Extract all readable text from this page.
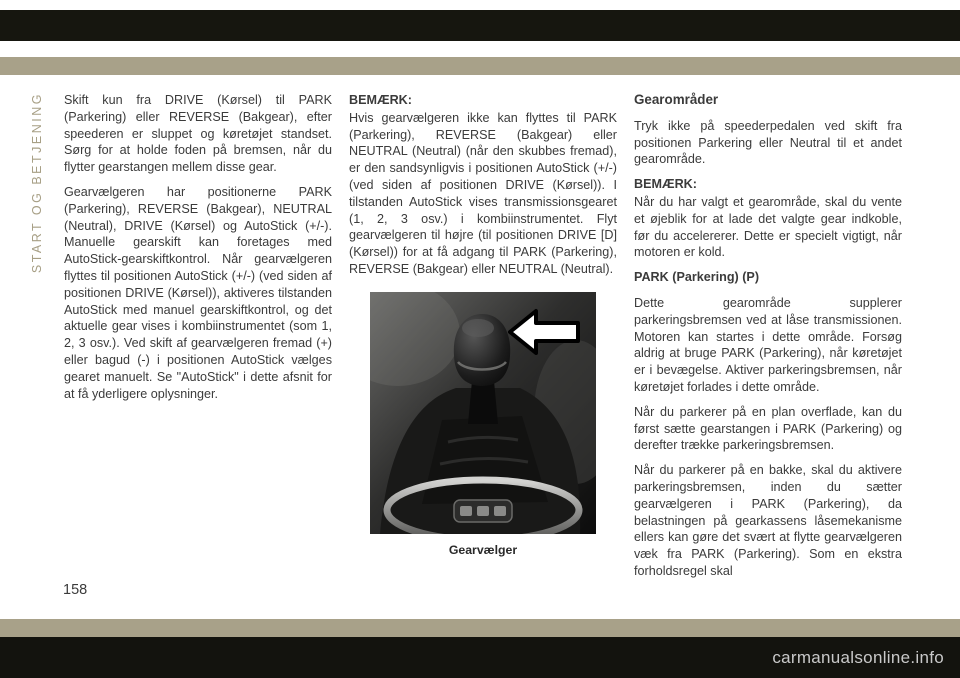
START OG BETJENING Skift kun fra DRIVE (Kørsel) til PARK (Parkering) eller REVERSE (Bakgear), efter speederen er sluppet og køretøjet standset. Sørg for at holde foden på bremsen, når du flytter gearstangen mellem disse gear.

Gearvælgeren har positionerne PARK (Parkering), REVERSE (Bakgear), NEUTRAL (Neutral), DRIVE (Kørsel) og AutoStick (+/-). Manuelle gearskift kan foretages med AutoStick-gearskiftkontrol. Når gearvælgeren flyttes til positionen AutoStick (+/-) (ved siden af positionen DRIVE (Kørsel)), aktiveres tilstanden AutoStick med manuel gearskiftkontrol, og det aktuelle gear vises i kombiinstrumentet (som 1, 2, 3 osv.). Ved skift af gearvælgeren fremad (+) eller bagud (-) i positionen AutoStick vælges gearet manuelt. Se "AutoStick" i dette afsnit for at få yderligere oplysninger.

BEMÆRK:

Hvis gearvælgeren ikke kan flyttes til PARK (Parkering), REVERSE (Bakgear) eller NEUTRAL (Neutral) (når den skubbes fremad), er den sandsynligvis i positionen AutoStick (+/-) (ved siden af positionen DRIVE (Kørsel)). I tilstanden AutoStick vises transmissionsgearet (1, 2, 3 osv.) i kombiinstrumentet. Flyt gearvælgeren til højre (til positionen DRIVE [D] (Kørsel)) for at få adgang til PARK (Parkering), REVERSE (Bakgear) eller NEUTRAL (Neutral).

Gearvælger

Gearområder

Tryk ikke på speederpedalen ved skift fra positionen Parkering eller Neutral til et andet gearområde.

BEMÆRK:

Når du har valgt et gearområde, skal du vente et øjeblik for at lade det valgte gear indkoble, før du accelererer. Dette er specielt vigtigt, når motoren er kold.

PARK (Parkering) (P)

Dette gearområde supplerer parkeringsbremsen ved at låse transmissionen. Motoren kan startes i dette område. Forsøg aldrig at bruge PARK (Parkering), når køretøjet er i bevægelse. Aktiver parkeringsbremsen, når køretøjet forlades i dette område.

Når du parkerer på en plan overflade, kan du først sætte gearstangen i PARK (Parkering) og derefter trække parkeringsbremsen.

Når du parkerer på en bakke, skal du aktivere parkeringsbremsen, inden du sætter gearvælgeren i PARK (Parkering), da belastningen på gearkassens låsemekanisme ellers kan gøre det svært at flytte gearvælgeren væk fra PARK (Parkering). Som en ekstra forholdsregel skal

158
carmanualsonline.info
